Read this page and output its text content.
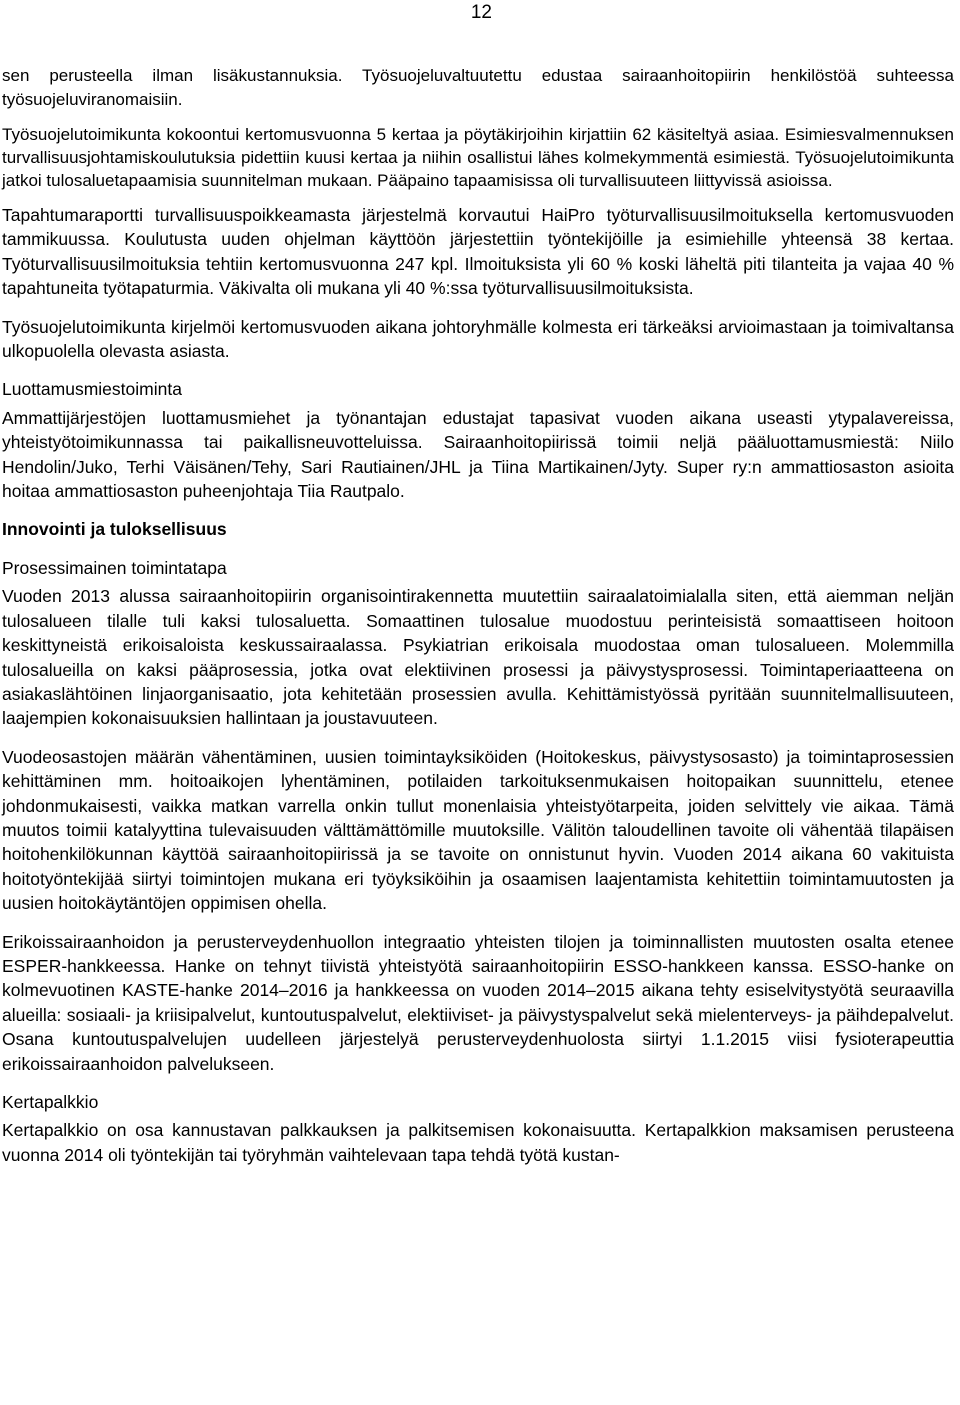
12

sen perusteella ilman lisäkustannuksia. Työsuojeluvaltuutettu edustaa sairaanhoitopiirin henkilöstöä suhteessa työsuojeluviranomaisiin.

Työsuojelutoimikunta kokoontui kertomusvuonna 5 kertaa ja pöytäkirjoihin kirjattiin 62 käsiteltyä asiaa. Esimiesvalmennuksen turvallisuusjohtamiskoulutuksia pidettiin kuusi kertaa ja niihin osallistui lähes kolmekymmentä esimiestä. Työsuojelutoimikunta jatkoi tulosaluetapaamisia suunnitelman mukaan. Pääpaino tapaamisissa oli turvallisuuteen liittyvissä asioissa.

Tapahtumaraportti turvallisuuspoikkeamasta järjestelmä korvautui HaiPro työturvallisuusilmoituksella kertomusvuoden tammikuussa. Koulutusta uuden ohjelman käyttöön järjestettiin työntekijöille ja esimiehille yhteensä 38 kertaa. Työturvallisuusilmoituksia tehtiin kertomusvuonna 247 kpl. Ilmoituksista yli 60 % koski läheltä piti tilanteita ja vajaa 40 % tapahtuneita työtapaturmia. Väkivalta oli mukana yli 40 %:ssa työturvallisuusilmoituksista.

Työsuojelutoimikunta kirjelmöi kertomusvuoden aikana johtoryhmälle kolmesta eri tärkeäksi arvioimastaan ja toimivaltansa ulkopuolella olevasta asiasta.

Luottamusmiestoiminta

Ammattijärjestöjen luottamusmiehet ja työnantajan edustajat tapasivat vuoden aikana useasti ytypalavereissa, yhteistyötoimikunnassa tai paikallisneuvotteluissa. Sairaanhoitopiirissä toimii neljä pääluottamusmiestä: Niilo Hendolin/Juko, Terhi Väisänen/Tehy, Sari Rautiainen/JHL ja Tiina Martikainen/Jyty. Super ry:n ammattiosaston asioita hoitaa ammattiosaston puheenjohtaja Tiia Rautpalo.

Innovointi ja tuloksellisuus
Prosessimainen toimintatapa

Vuoden 2013 alussa sairaanhoitopiirin organisointirakennetta muutettiin sairaalatoimialalla siten, että aiemman neljän tulosalueen tilalle tuli kaksi tulosaluetta. Somaattinen tulosalue muodostuu perinteisistä somaattiseen hoitoon keskittyneistä erikoisaloista keskussairaalassa. Psykiatrian erikoisala muodostaa oman tulosalueen. Molemmilla tulosalueilla on kaksi pääprosessia, jotka ovat elektiivinen prosessi ja päivystysprosessi. Toimintaperiaatteena on asiakaslähtöinen linjaorganisaatio, jota kehitetään prosessien avulla. Kehittämistyössä pyritään suunnitelmallisuuteen, laajempien kokonaisuuksien hallintaan ja joustavuuteen.

Vuodeosastojen määrän vähentäminen, uusien toimintayksiköiden (Hoitokeskus, päivystysosasto) ja toimintaprosessien kehittäminen mm. hoitoaikojen lyhentäminen, potilaiden tarkoituksenmukaisen hoitopaikan suunnittelu, etenee johdonmukaisesti, vaikka matkan varrella onkin tullut monenlaisia yhteistyötarpeita, joiden selvittely vie aikaa. Tämä muutos toimii katalyyttina tulevaisuuden välttämättömille muutoksille. Välitön taloudellinen tavoite oli vähentää tilapäisen hoitohenkilökunnan käyttöä sairaanhoitopiirissä ja se tavoite on onnistunut hyvin. Vuoden 2014 aikana 60 vakituista hoitotyöntekijää siirtyi toimintojen mukana eri työyksiköihin ja osaamisen laajentamista kehitettiin toimintamuutosten ja uusien hoitokäytäntöjen oppimisen ohella.

Erikoissairaanhoidon ja perusterveydenhuollon integraatio yhteisten tilojen ja toiminnallisten muutosten osalta etenee ESPER-hankkeessa. Hanke on tehnyt tiivistä yhteistyötä sairaanhoitopiirin ESSO-hankkeen kanssa. ESSO-hanke on kolmevuotinen KASTE-hanke 2014–2016 ja hankkeessa on vuoden 2014–2015 aikana tehty esiselvitystyötä seuraavilla alueilla: sosiaali- ja kriisipalvelut, kuntoutuspalvelut, elektiiviset- ja päivystyspalvelut sekä mielenterveys- ja päihdepalvelut. Osana kuntoutuspalvelujen uudelleen järjestelyä perusterveydenhuolosta siirtyi 1.1.2015 viisi fysioterapeuttia erikoissairaanhoidon palvelukseen.

Kertapalkkio

Kertapalkkio on osa kannustavan palkkauksen ja palkitsemisen kokonaisuutta. Kertapalkkion maksamisen perusteena vuonna 2014 oli työntekijän tai työryhmän vaihtelevaan tapa tehdä työtä kustan-
